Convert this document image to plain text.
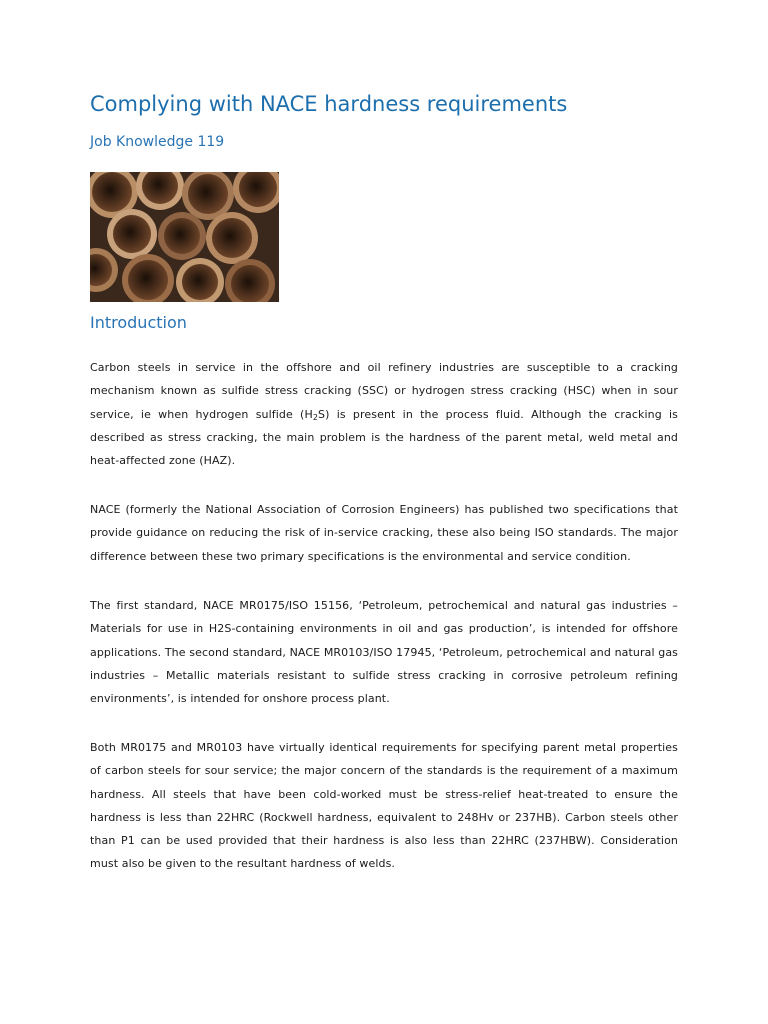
Complying with NACE hardness requirements
Job Knowledge 119
Introduction

Carbon steels in service in the offshore and oil refinery industries are susceptible to a cracking mechanism known as sulfide stress cracking (SSC) or hydrogen stress cracking (HSC) when in sour service, ie when hydrogen sulfide $(H_2S)$ is present in the process fluid. Although the cracking is described as stress cracking, the main problem is the hardness of the parent metal, weld metal and heat-affected zone (HAZ).

NACE (formerly the National Association of Corrosion Engineers) has published two specifications that provide guidance on reducing the risk of in-service cracking, these also being ISO standards. The major difference between these two primary specifications is the environmental and service condition.

The first standard, NACE MR0175/ISO 15156, ‘Petroleum, petrochemical and natural gas industries – Materials for use in H2S-containing environments in oil and gas production’, is intended for offshore applications. The second standard, NACE MR0103/ISO 17945, ‘Petroleum, petrochemical and natural gas industries – Metallic materials resistant to sulfide stress cracking in corrosive petroleum refining environments’, is intended for onshore process plant.

Both MR0175 and MR0103 have virtually identical requirements for specifying parent metal properties of carbon steels for sour service; the major concern of the standards is the requirement of a maximum hardness. All steels that have been cold-worked must be stress-relief heat-treated to ensure the hardness is less than 22HRC (Rockwell hardness, equivalent to 248Hv or 237HB). Carbon steels other than P1 can be used provided that their hardness is also less than 22HRC (237HBW). Consideration must also be given to the resultant hardness of welds.
